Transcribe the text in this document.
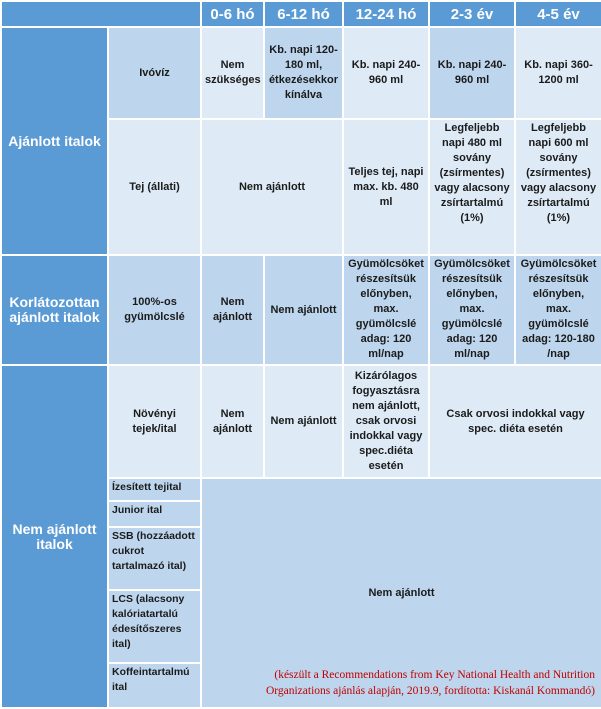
		0-6 hó	6-12 hó	12-24 hó	2-3 év	4-5 év
Ajánlott italok	Ivóvíz	Nem szükséges	Kb. napi 120-180 ml, étkezésekkor kínálva	Kb. napi 240-960 ml	Kb. napi 240-960 ml	Kb. napi 360-1200 ml
	Tej (állati)	Nem ajánlott		Teljes tej, napi max. kb. 480 ml	Legfeljebb napi 480 ml sovány (zsírmentes) vagy alacsony zsírtartalmú (1%)	Legfeljebb napi 600 ml sovány (zsírmentes) vagy alacsony zsírtartalmú (1%)
Korlátozottan ajánlott italok	100%-os gyümölcslé	Nem ajánlott	Nem ajánlott	Gyümölcsöket részesítsük előnyben, max. gyümölcslé adag: 120 ml/nap	Gyümölcsöket részesítsük előnyben, max. gyümölcslé adag: 120 ml/nap	Gyümölcsöket részesítsük előnyben, max. gyümölcslé adag: 120-180 /nap
Nem ajánlott italok	Növényi tejek/ital	Nem ajánlott	Nem ajánlott	Kizárólagos fogyasztásra nem ajánlott, csak orvosi indokkal vagy spec.diéta esetén	Csak orvosi indokkal vagy spec. diéta esetén	
	Ízesített tejital	Nem ajánlott
(készült a Recommendations from Key National Health and Nutrition
Organizations ajánlás alapján, 2019.9, fordította: Kiskanál Kommandó)				

	Junior ital					
	SSB (hozzáadott cukrot tartalmazó ital)					
	LCS (alacsony kalóriatartalú édesítőszeres ital)					
	Koffeintartalmú ital					
